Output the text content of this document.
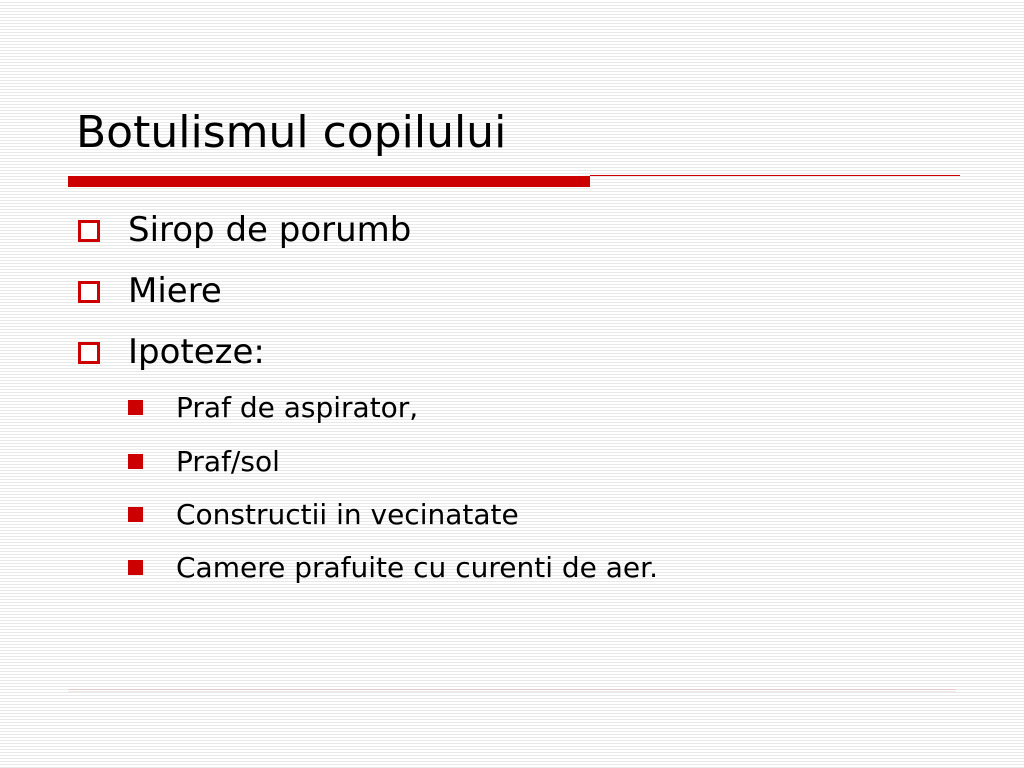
Botulismul copilului
Sirop de porumb
Miere
Ipoteze:
Praf de aspirator,
Praf/sol
Constructii in vecinatate
Camere prafuite cu curenti de aer.
